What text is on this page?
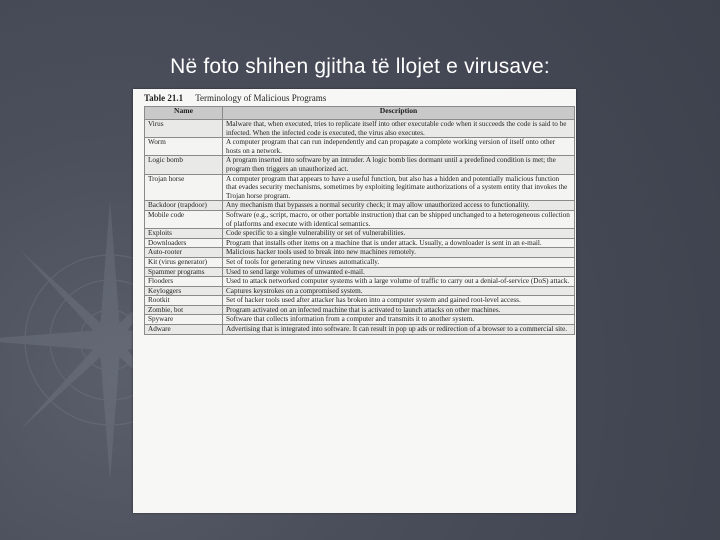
Në foto shihen gjitha të llojet e virusave:
Table 21.1 Terminology of Malicious Programs
Name	Description
Virus	Malware that, when executed, tries to replicate itself into other executable code when it succeeds the code is said to be infected. When the infected code is executed, the virus also executes.
Worm	A computer program that can run independently and can propagate a complete working version of itself onto other hosts on a network.
Logic bomb	A program inserted into software by an intruder. A logic bomb lies dormant until a predefined condition is met; the program then triggers an unauthorized act.
Trojan horse	A computer program that appears to have a useful function, but also has a hidden and potentially malicious function that evades security mechanisms, sometimes by exploiting legitimate authorizations of a system entity that invokes the Trojan horse program.
Backdoor (trapdoor)	Any mechanism that bypasses a normal security check; it may allow unauthorized access to functionality.
Mobile code	Software (e.g., script, macro, or other portable instruction) that can be shipped unchanged to a heterogeneous collection of platforms and execute with identical semantics.
Exploits	Code specific to a single vulnerability or set of vulnerabilities.
Downloaders	Program that installs other items on a machine that is under attack. Usually, a downloader is sent in an e-mail.
Auto-rooter	Malicious hacker tools used to break into new machines remotely.
Kit (virus generator)	Set of tools for generating new viruses automatically.
Spammer programs	Used to send large volumes of unwanted e-mail.
Flooders	Used to attack networked computer systems with a large volume of traffic to carry out a denial-of-service (DoS) attack.
Keyloggers	Captures keystrokes on a compromised system.
Rootkit	Set of hacker tools used after attacker has broken into a computer system and gained root-level access.
Zombie, bot	Program activated on an infected machine that is activated to launch attacks on other machines.
Spyware	Software that collects information from a computer and transmits it to another system.
Adware	Advertising that is integrated into software. It can result in pop up ads or redirection of a browser to a commercial site.
